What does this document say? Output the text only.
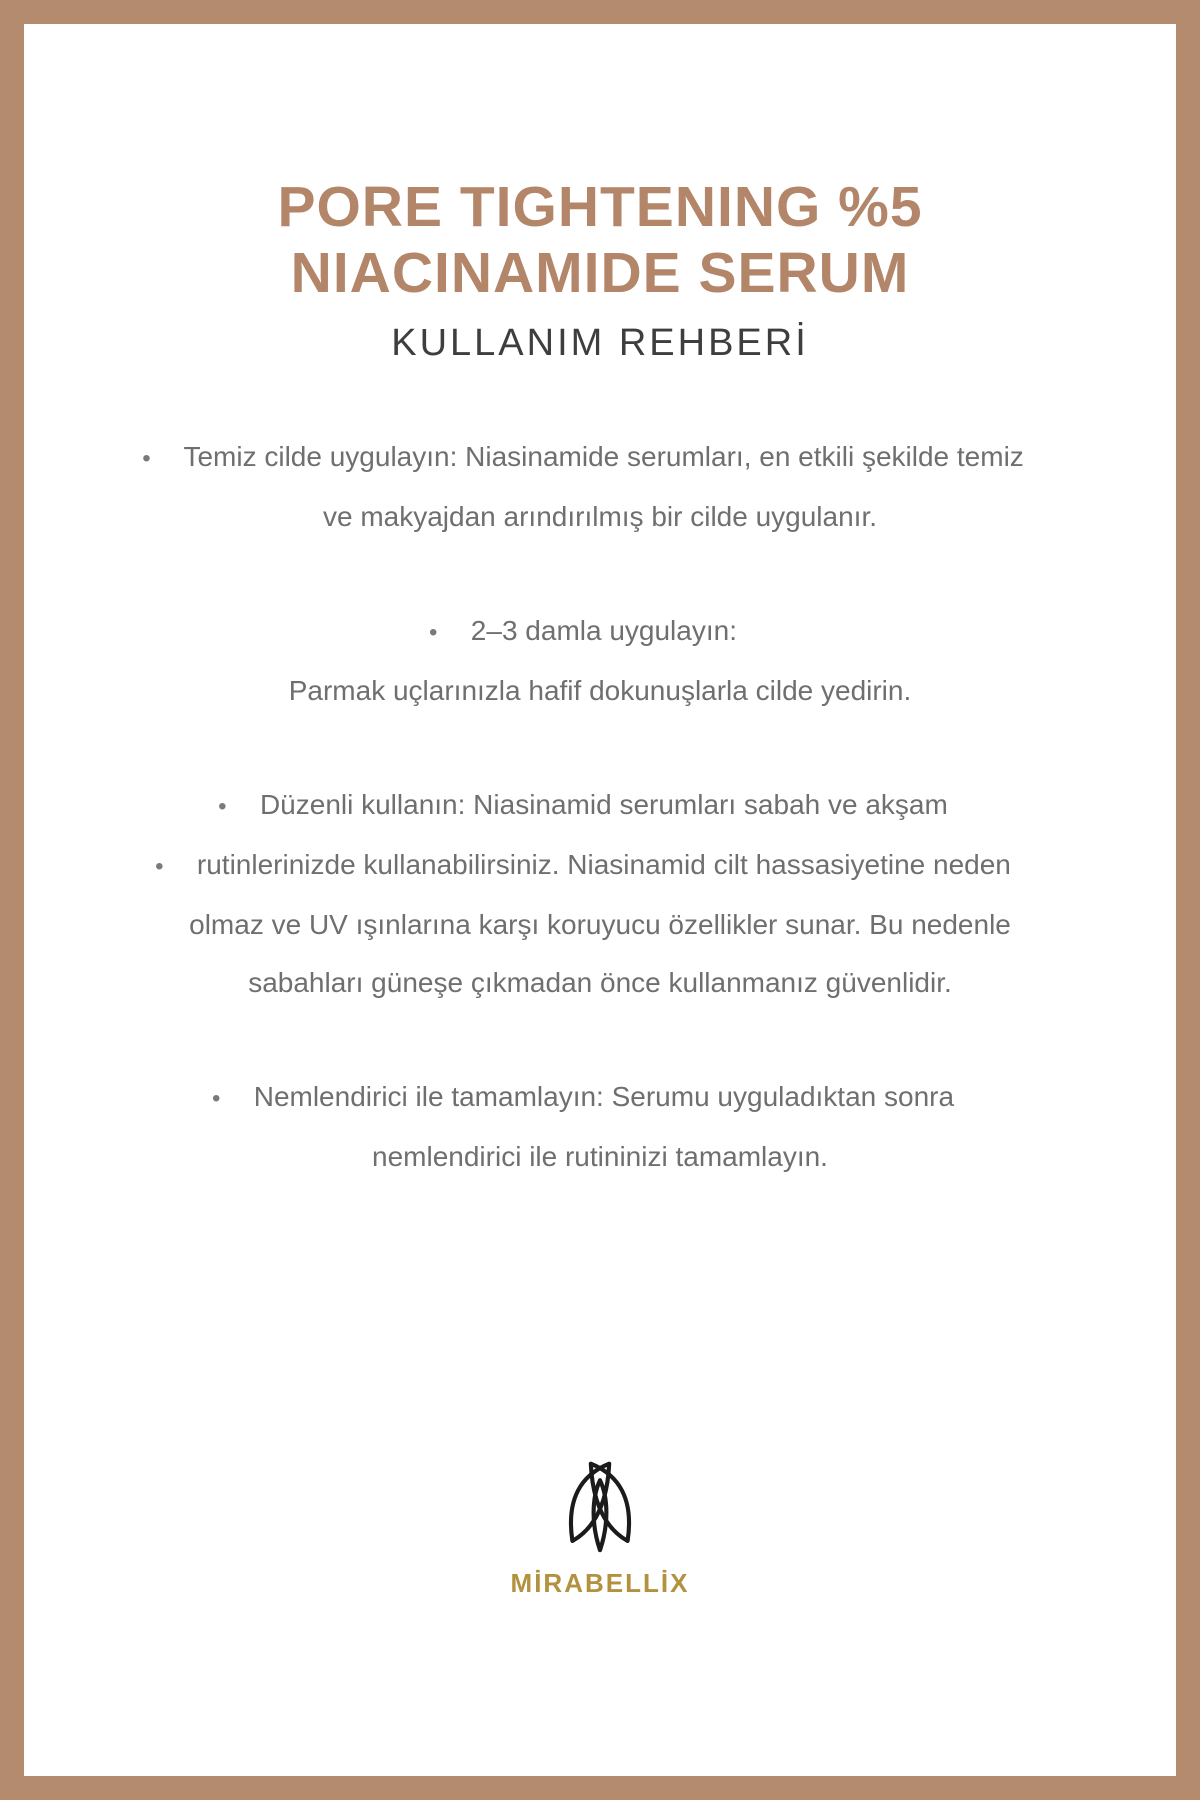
PORE TIGHTENING %5
NIACINAMIDE SERUM
KULLANIM REHBERİ
• Temiz cilde uygulayın: Niasinamide serumları, en etkili şekilde temiz
ve makyajdan arındırılmış bir cilde uygulanır.
• 2–3 damla uygulayın:
Parmak uçlarınızla hafif dokunuşlarla cilde yedirin.
• Düzenli kullanın: Niasinamid serumları sabah ve akşam
• rutinlerinizde kullanabilirsiniz. Niasinamid cilt hassasiyetine neden
olmaz ve UV ışınlarına karşı koruyucu özellikler sunar. Bu nedenle
sabahları güneşe çıkmadan önce kullanmanız güvenlidir.
• Nemlendirici ile tamamlayın: Serumu uyguladıktan sonra
nemlendirici ile rutininizi tamamlayın.
MİRABELLİX
